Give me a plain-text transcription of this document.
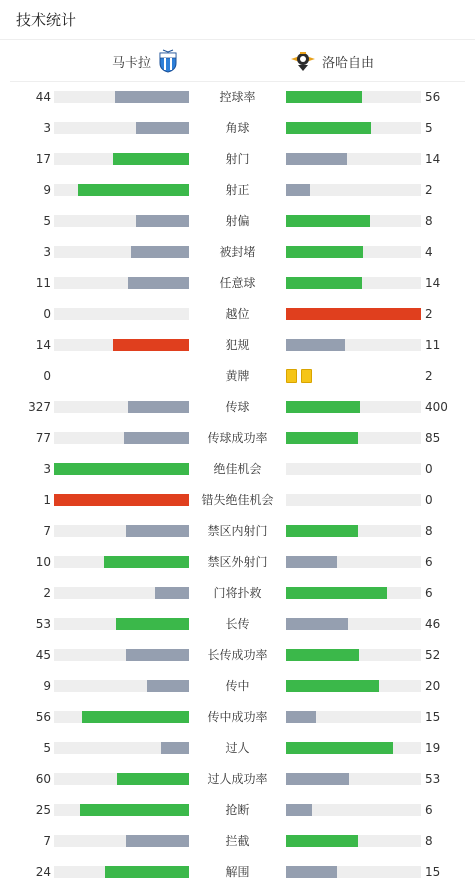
技术统计
马卡拉	洛哈自由
44	控球率	56
3	角球	5
17	射门	14
9	射正	2
5	射偏	8
3	被封堵	4
11	任意球	14
0	越位	2
14	犯规	11
0	黄牌	2
327	传球	400
77	传球成功率	85
3	绝佳机会	0
1	错失绝佳机会	0
7	禁区内射门	8
10	禁区外射门	6
2	门将扑救	6
53	长传	46
45	长传成功率	52
9	传中	20
56	传中成功率	15
5	过人	19
60	过人成功率	53
25	抢断	6
7	拦截	8
24	解围	15
